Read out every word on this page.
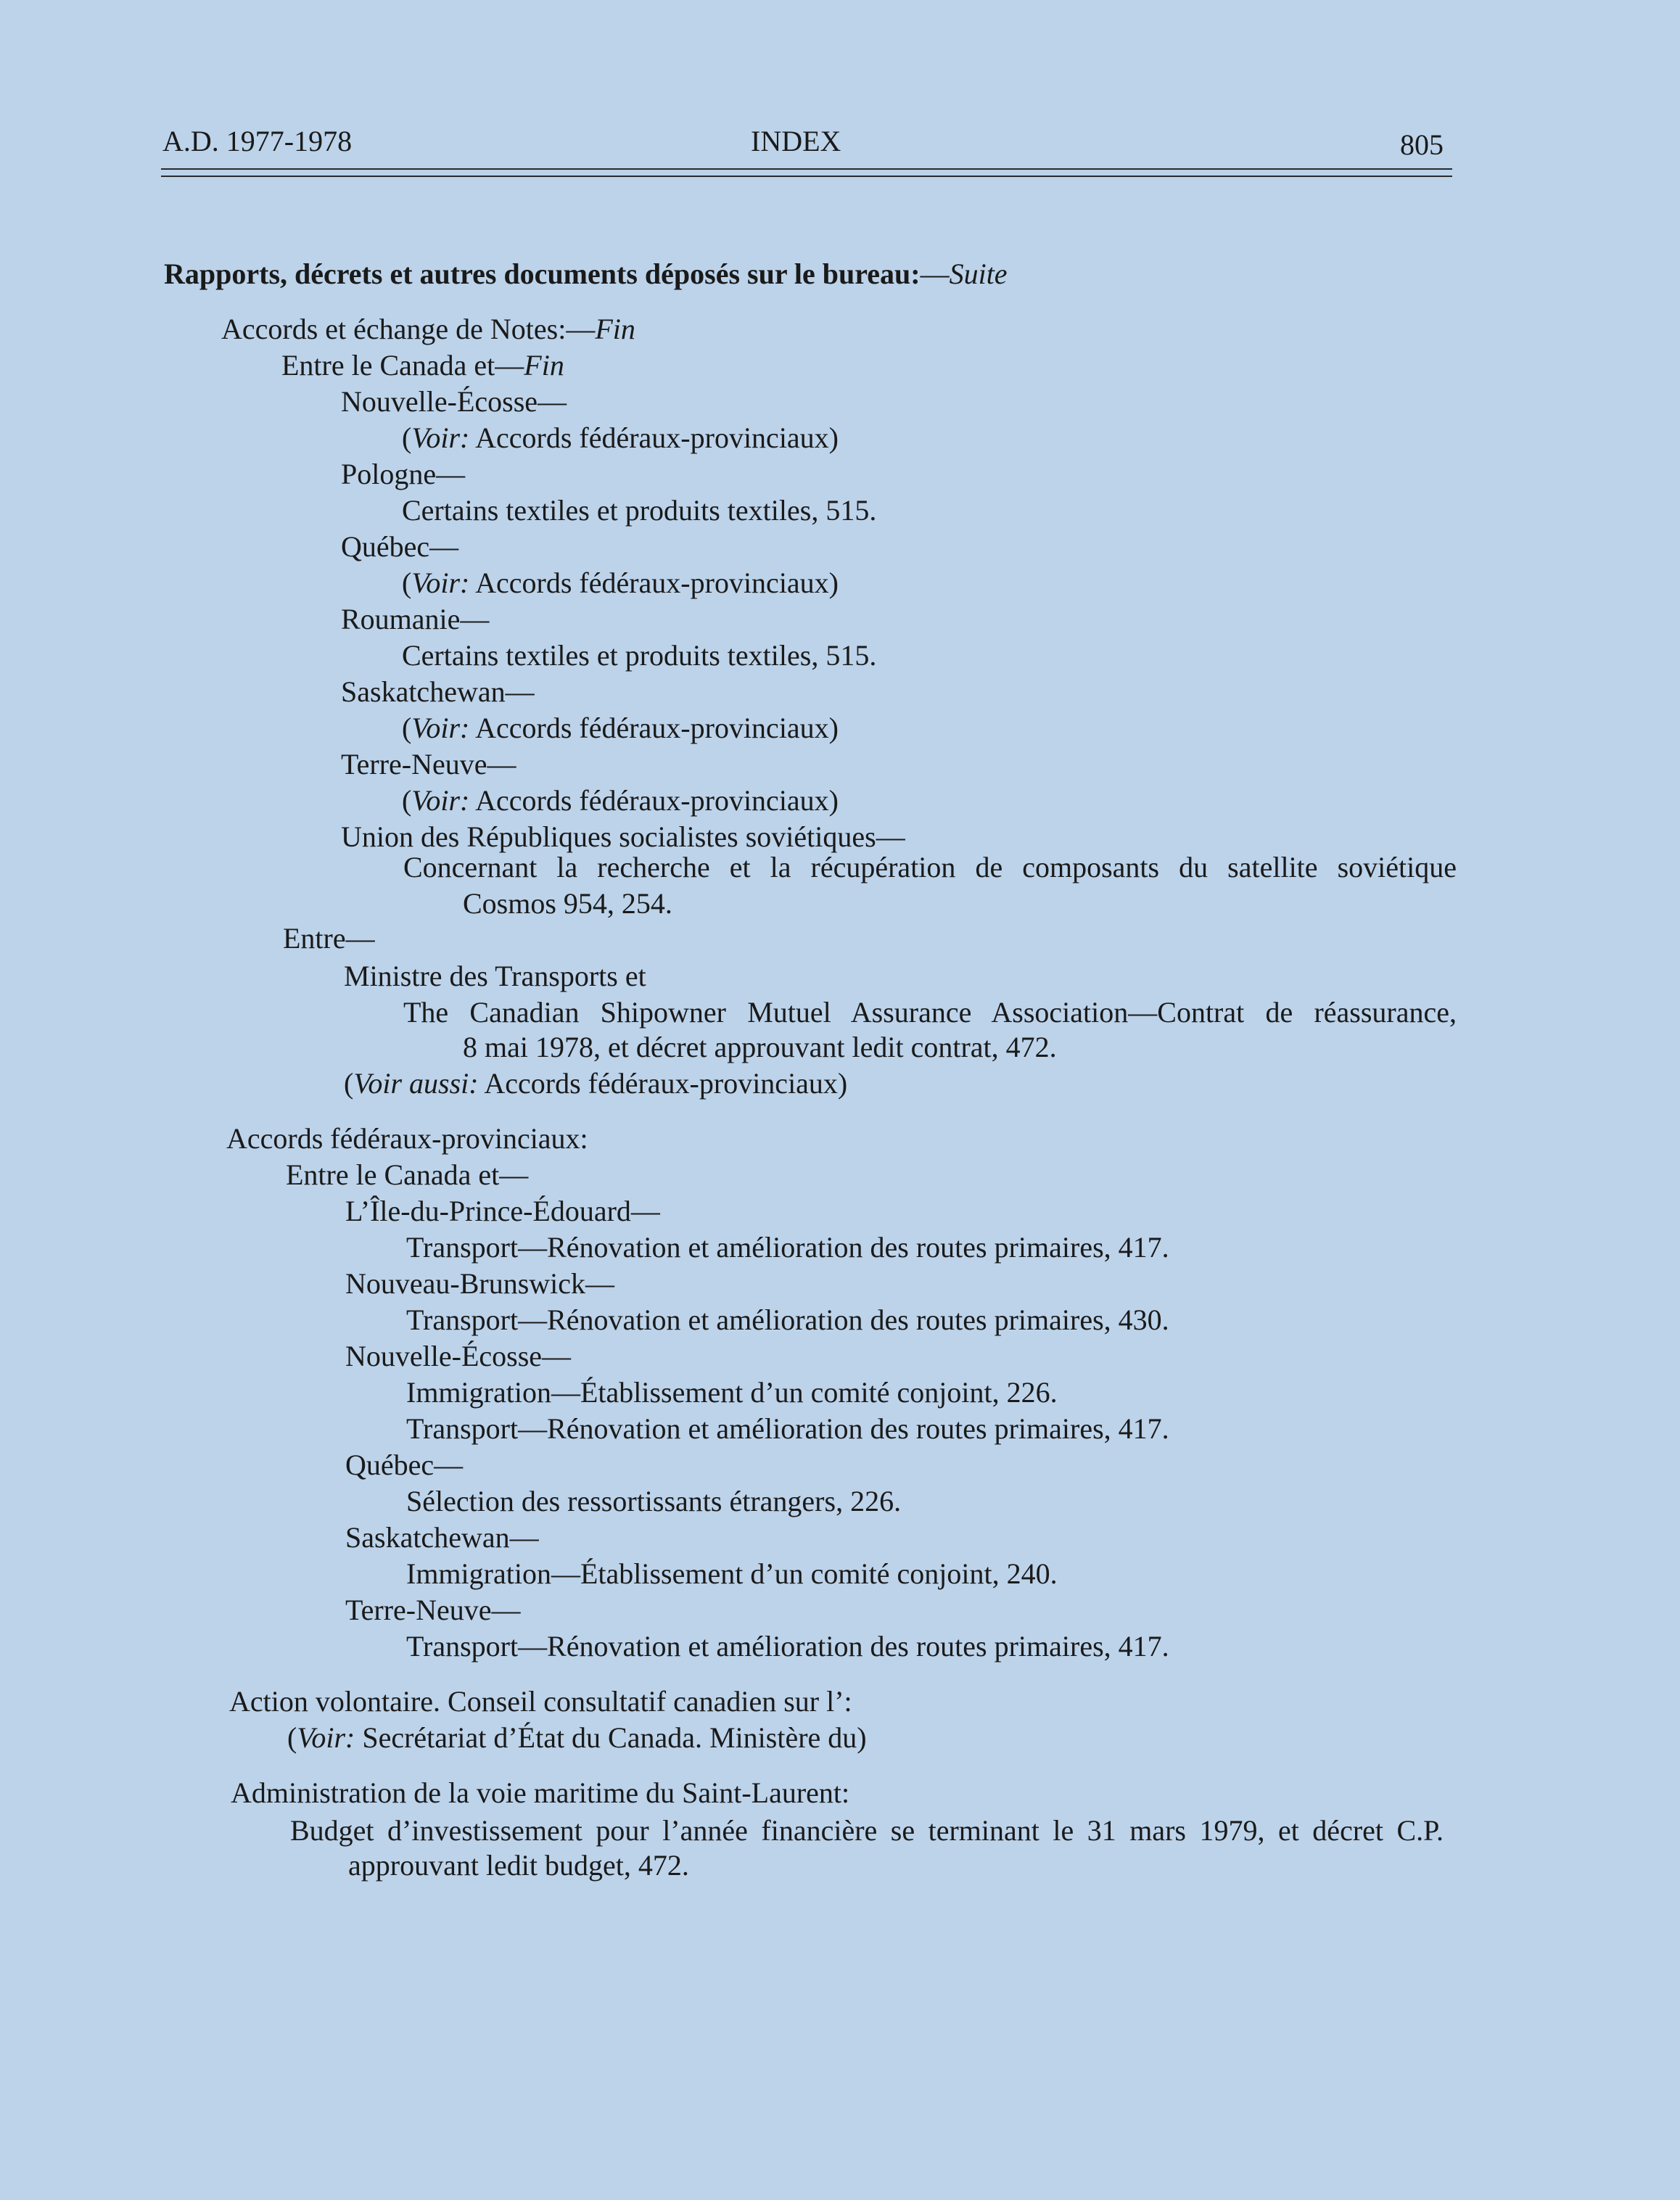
A.D. 1977-1978	INDEX	805
Rapports, décrets et autres documents déposés sur le bureau:—Suite
Accords et échange de Notes:—Fin
Entre le Canada et—Fin
Nouvelle-Écosse—
(Voir: Accords fédéraux-provinciaux)
Pologne—
Certains textiles et produits textiles, 515.
Québec—
(Voir: Accords fédéraux-provinciaux)
Roumanie—
Certains textiles et produits textiles, 515.
Saskatchewan—
(Voir: Accords fédéraux-provinciaux)
Terre-Neuve—
(Voir: Accords fédéraux-provinciaux)
Union des Républiques socialistes soviétiques—
Concernant la recherche et la récupération de composants du satellite soviétique
Cosmos 954, 254.
Entre—
Ministre des Transports et
The Canadian Shipowner Mutuel Assurance Association—Contrat de réassurance,
8 mai 1978, et décret approuvant ledit contrat, 472.
(Voir aussi: Accords fédéraux-provinciaux)
Accords fédéraux-provinciaux:
Entre le Canada et—
L’Île-du-Prince-Édouard—
Transport—Rénovation et amélioration des routes primaires, 417.
Nouveau-Brunswick—
Transport—Rénovation et amélioration des routes primaires, 430.
Nouvelle-Écosse—
Immigration—Établissement d’un comité conjoint, 226.
Transport—Rénovation et amélioration des routes primaires, 417.
Québec—
Sélection des ressortissants étrangers, 226.
Saskatchewan—
Immigration—Établissement d’un comité conjoint, 240.
Terre-Neuve—
Transport—Rénovation et amélioration des routes primaires, 417.
Action volontaire. Conseil consultatif canadien sur l’:
(Voir: Secrétariat d’État du Canada. Ministère du)
Administration de la voie maritime du Saint-Laurent:
Budget d’investissement pour l’année financière se terminant le 31 mars 1979, et décret C.P.
approuvant ledit budget, 472.
